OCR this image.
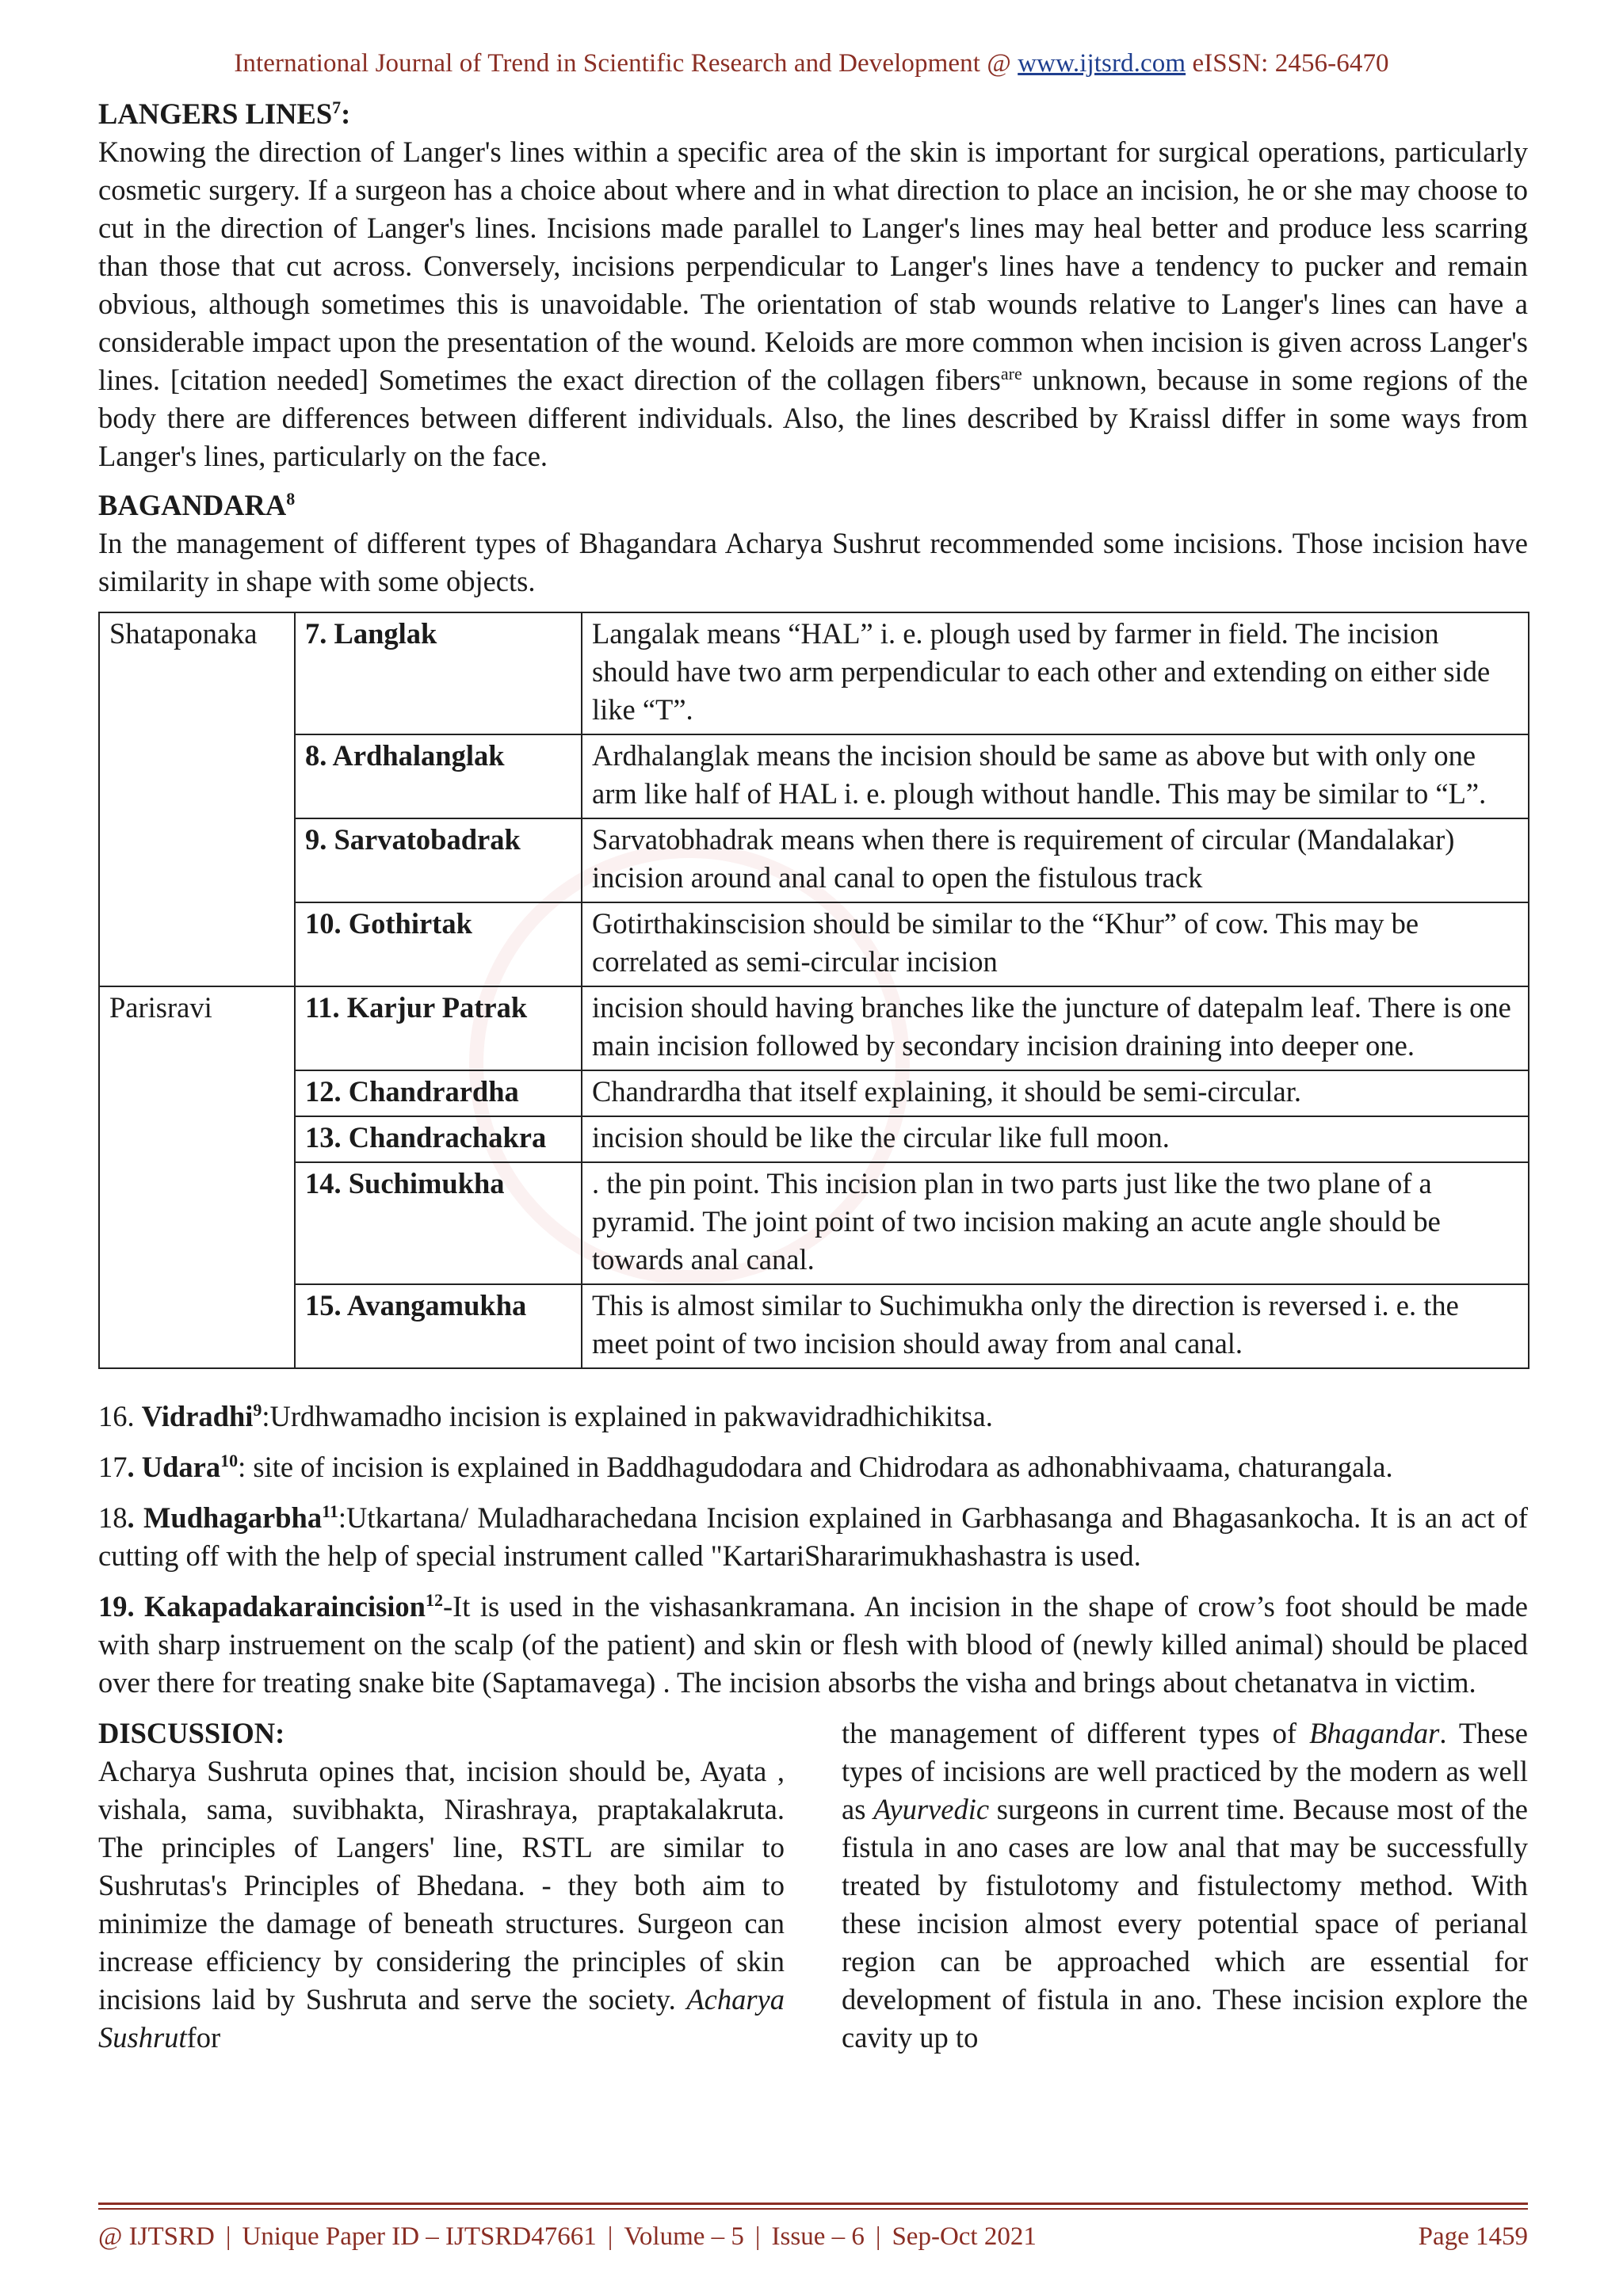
International Journal of Trend in Scientific Research and Development @ www.ijtsrd.com eISSN: 2456-6470

LANGERS LINES$^7$:

Knowing the direction of Langer's lines within a specific area of the skin is important for surgical operations, particularly cosmetic surgery. If a surgeon has a choice about where and in what direction to place an incision, he or she may choose to cut in the direction of Langer's lines. Incisions made parallel to Langer's lines may heal better and produce less scarring than those that cut across. Conversely, incisions perpendicular to Langer's lines have a tendency to pucker and remain obvious, although sometimes this is unavoidable. The orientation of stab wounds relative to Langer's lines can have a considerable impact upon the presentation of the wound. Keloids are more common when incision is given across Langer's lines. [citation needed] Sometimes the exact direction of the collagen fibers$^{are}$ unknown, because in some regions of the body there are differences between different individuals. Also, the lines described by Kraissl differ in some ways from Langer's lines, particularly on the face.

BAGANDARA$^8$

In the management of different types of Bhagandara Acharya Sushrut recommended some incisions. Those incision have similarity in shape with some objects.

Shataponaka	7. Langlak	Langalak means “HAL” i. e. plough used by farmer in field. The incision should have two arm perpendicular to each other and extending on either side like “T”.
	8. Ardhalanglak	Ardhalanglak means the incision should be same as above but with only one arm like half of HAL i. e. plough without handle. This may be similar to “L”.
	9. Sarvatobadrak	Sarvatobhadrak means when there is requirement of circular (Mandalakar) incision around anal canal to open the fistulous track
	10. Gothirtak	Gotirthakinscision should be similar to the “Khur” of cow. This may be correlated as semi-circular incision
Parisravi	11. Karjur Patrak	incision should having branches like the juncture of datepalm leaf. There is one main incision followed by secondary incision draining into deeper one.
	12. Chandrardha	Chandrardha that itself explaining, it should be semi-circular.
	13. Chandrachakra	incision should be like the circular like full moon.
	14. Suchimukha	. the pin point. This incision plan in two parts just like the two plane of a pyramid. The joint point of two incision making an acute angle should be towards anal canal.
	15. Avangamukha	This is almost similar to Suchimukha only the direction is reversed i. e. the meet point of two incision should away from anal canal.

16. Vidradhi$^9$:Urdhwamadho incision is explained in pakwavidradhichikitsa.

17. Udara$^{10}$: site of incision is explained in Baddhagudodara and Chidrodara as adhonabhivaama, chaturangala.

18. Mudhagarbha$^{11}$:Utkartana/ Muladharachedana Incision explained in Garbhasanga and Bhagasankocha. It is an act of cutting off with the help of special instrument called "KartariShararimukhashastra is used.

19. Kakapadakaraincision$^{12}$-It is used in the vishasankramana. An incision in the shape of crow’s foot should be made with sharp instruement on the scalp (of the patient) and skin or flesh with blood of (newly killed animal) should be placed over there for treating snake bite (Saptamavega) . The incision absorbs the visha and brings about chetanatva in victim.

DISCUSSION:

Acharya Sushruta opines that, incision should be, Ayata , vishala, sama, suvibhakta, Nirashraya, praptakalakruta. The principles of Langers' line, RSTL are similar to Sushrutas's Principles of Bhedana. - they both aim to minimize the damage of beneath structures. Surgeon can increase efficiency by considering the principles of skin incisions laid by Sushruta and serve the society. Acharya Sushrutfor

the management of different types of Bhagandar. These types of incisions are well practiced by the modern as well as Ayurvedic surgeons in current time. Because most of the fistula in ano cases are low anal that may be successfully treated by fistulotomy and fistulectomy method. With these incision almost every potential space of perianal region can be approached which are essential for development of fistula in ano. These incision explore the cavity up to

@ IJTSRD | Unique Paper ID – IJTSRD47661 | Volume – 5 | Issue – 6 | Sep-Oct 2021	Page 1459
